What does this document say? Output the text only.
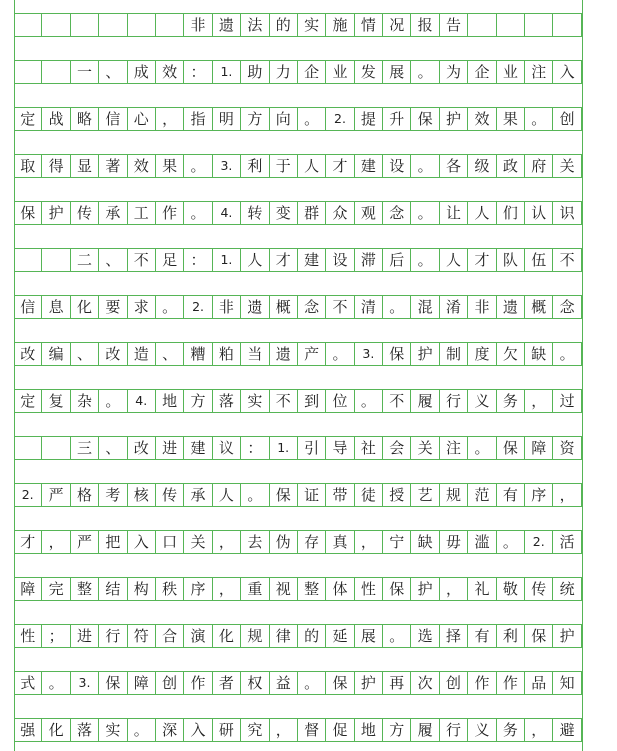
非 遗 法 的 实 施 情 况 报 告
一 、 成 效 ：	1. 助 力 企 业 发 展 。 为 企 业 注 入
定 战 略 信 心 ， 指 明 方 向 。	2. 提 升 保 护 效 果 。 创
取 得 显 著 效 果 。	3. 利 于 人 才 建 设 。 各 级 政 府 关
保 护 传 承 工 作 。	4. 转 变 群 众 观 念 。 让 人 们 认 识
二 、 不 足 ：	1. 人 才 建 设 滞 后 。 人 才 队 伍 不
信 息 化 要 求 。	2. 非 遗 概 念 不 清 。 混 淆 非 遗 概 念
改 编 、 改 造 、 糟 粕 当 遗 产 。	3. 保 护 制 度 欠 缺 。
定 复 杂 。	4. 地 方 落 实 不 到 位 。 不 履 行 义 务 ， 过
三 、 改 进 建 议 ：	1. 引 导 社 会 关 注 。 保 障 资
2. 严 格 考 核 传 承 人 。 保 证 带 徒 授 艺 规 范 有 序 ，
才 ， 严 把 入 口 关 ， 去 伪 存 真 ， 宁 缺 毋 滥 。	2. 活
障 完 整 结 构 秩 序 ， 重 视 整 体 性 保 护 ， 礼 敬 传 统
性 ； 进 行 符 合 演 化 规 律 的 延 展 。 选 择 有 利 保 护
式 。	3. 保 障 创 作 者 权 益 。 保 护 再 次 创 作 作 品 知
强 化 落 实 。 深 入 研 究 ， 督 促 地 方 履 行 义 务 ， 避
